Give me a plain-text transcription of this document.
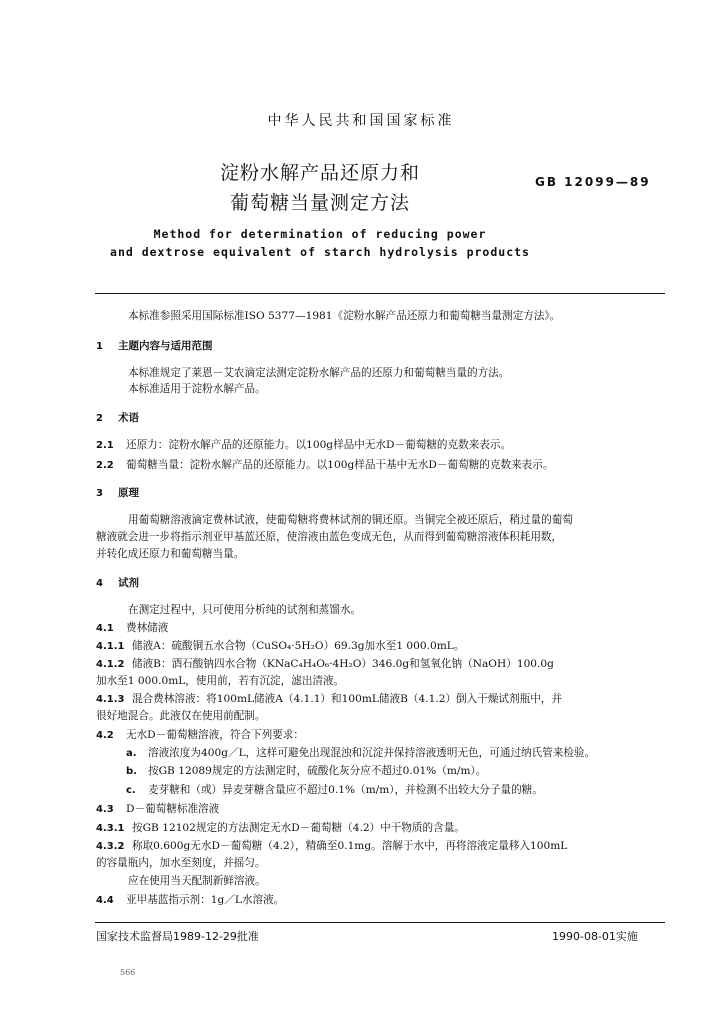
中华人民共和国国家标准
淀粉水解产品还原力和
葡萄糖当量测定方法
GB 12099—89
Method for determination of reducing power
and dextrose equivalent of starch hydrolysis products
本标准参照采用国际标准ISO 5377—1981《淀粉水解产品还原力和葡萄糖当量测定方法》。
1 主题内容与适用范围
本标准规定了莱恩－艾农滴定法测定淀粉水解产品的还原力和葡萄糖当量的方法。
本标准适用于淀粉水解产品。
2 术语
2.1 还原力：淀粉水解产品的还原能力。以100g样品中无水D－葡萄糖的克数来表示。
2.2 葡萄糖当量：淀粉水解产品的还原能力。以100g样品干基中无水D－葡萄糖的克数来表示。
3 原理
用葡萄糖溶液滴定费林试液，使葡萄糖将费林试剂的铜还原。当铜完全被还原后，稍过量的葡萄
糖液就会进一步将指示剂亚甲基蓝还原，使溶液由蓝色变成无色，从而得到葡萄糖溶液体积耗用数，
并转化成还原力和葡萄糖当量。
4 试剂
在测定过程中，只可使用分析纯的试剂和蒸馏水。
4.1 费林储液
4.1.1 储液A：硫酸铜五水合物（CuSO₄·5H₂O）69.3g加水至1 000.0mL。
4.1.2 储液B：酒石酸钠四水合物（KNaC₄H₄O₆·4H₂O）346.0g和氢氧化钠（NaOH）100.0g
加水至1 000.0mL，使用前，若有沉淀，滤出清液。
4.1.3 混合费林溶液：将100mL储液A（4.1.1）和100mL储液B（4.1.2）倒入干燥试剂瓶中，并
很好地混合。此液仅在使用前配制。
4.2 无水D－葡萄糖溶液，符合下列要求：
a. 溶液浓度为400g／L，这样可避免出现混浊和沉淀并保持溶液透明无色，可通过纳氏管来检验。
b. 按GB 12089规定的方法测定时，硫酸化灰分应不超过0.01%（m/m）。
c. 麦芽糖和（或）异麦芽糖含量应不超过0.1%（m/m），并检测不出较大分子量的糖。
4.3 D－葡萄糖标准溶液
4.3.1 按GB 12102规定的方法测定无水D－葡萄糖（4.2）中干物质的含量。
4.3.2 称取0.600g无水D－葡萄糖（4.2），精确至0.1mg。溶解于水中，再将溶液定量移入100mL
的容量瓶内，加水至刻度，并摇匀。
应在使用当天配制新鲜溶液。
4.4 亚甲基蓝指示剂：1g／L水溶液。
国家技术监督局1989-12-29批准	1990-08-01实施
566
